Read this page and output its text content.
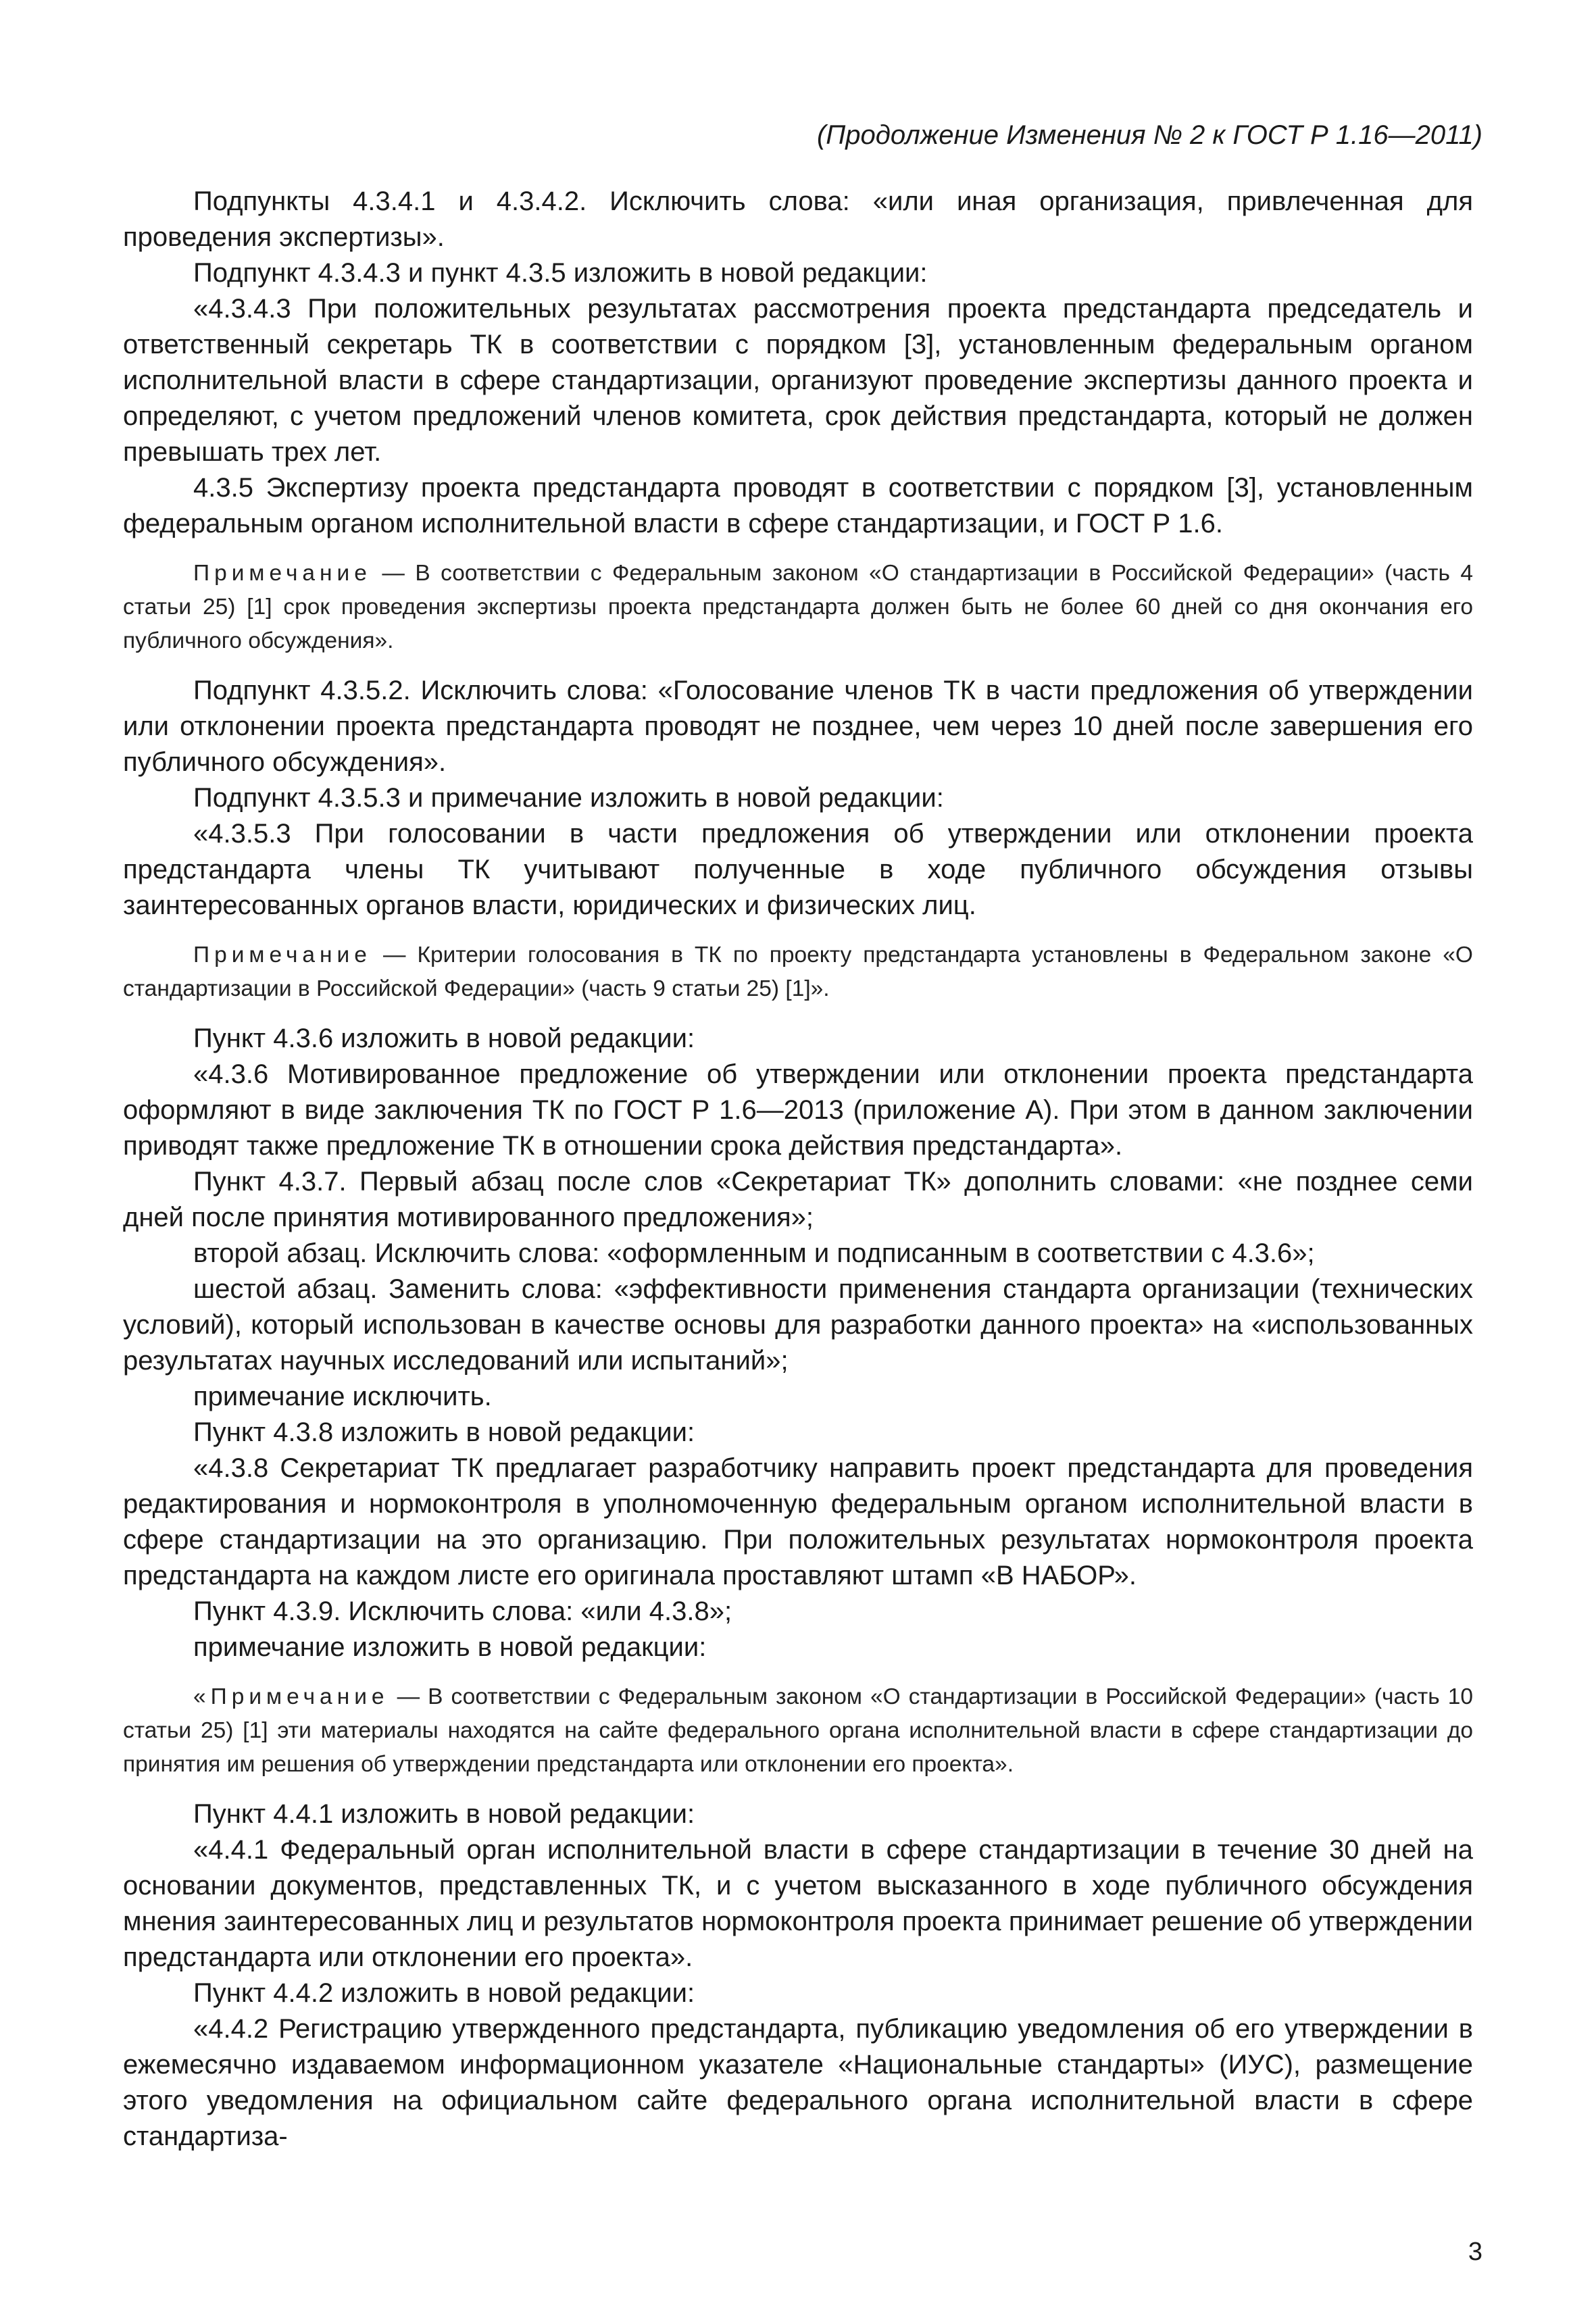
(Продолжение Изменения № 2 к ГОСТ Р 1.16—2011)

Подпункты 4.3.4.1 и 4.3.4.2. Исключить слова: «или иная организация, привлеченная для проведения экспертизы».

Подпункт 4.3.4.3 и пункт 4.3.5 изложить в новой редакции:

«4.3.4.3 При положительных результатах рассмотрения проекта предстандарта председатель и ответственный секретарь ТК в соответствии с порядком [3], установленным федеральным органом исполнительной власти в сфере стандартизации, организуют проведение экспертизы данного проекта и определяют, с учетом предложений членов комитета, срок действия предстандарта, который не должен превышать трех лет.

4.3.5 Экспертизу проекта предстандарта проводят в соответствии с порядком [3], установленным федеральным органом исполнительной власти в сфере стандартизации, и ГОСТ Р 1.6.

Примечание — В соответствии с Федеральным законом «О стандартизации в Российской Федерации» (часть 4 статьи 25) [1] срок проведения экспертизы проекта предстандарта должен быть не более 60 дней со дня окончания его публичного обсуждения».

Подпункт 4.3.5.2. Исключить слова: «Голосование членов ТК в части предложения об утверждении или отклонении проекта предстандарта проводят не позднее, чем через 10 дней после завершения его публичного обсуждения».

Подпункт 4.3.5.3 и примечание изложить в новой редакции:

«4.3.5.3 При голосовании в части предложения об утверждении или отклонении проекта предстандарта члены ТК учитывают полученные в ходе публичного обсуждения отзывы заинтересованных органов власти, юридических и физических лиц.

Примечание — Критерии голосования в ТК по проекту предстандарта установлены в Федеральном законе «О стандартизации в Российской Федерации» (часть 9 статьи 25) [1]».

Пункт 4.3.6 изложить в новой редакции:

«4.3.6 Мотивированное предложение об утверждении или отклонении проекта предстандарта оформляют в виде заключения ТК по ГОСТ Р 1.6—2013 (приложение А). При этом в данном заключении приводят также предложение ТК в отношении срока действия предстандарта».

Пункт 4.3.7. Первый абзац после слов «Секретариат ТК» дополнить словами: «не позднее семи дней после принятия мотивированного предложения»;

второй абзац. Исключить слова: «оформленным и подписанным в соответствии с 4.3.6»;

шестой абзац. Заменить слова: «эффективности применения стандарта организации (технических условий), который использован в качестве основы для разработки данного проекта» на «использованных результатах научных исследований или испытаний»;

примечание исключить.

Пункт 4.3.8 изложить в новой редакции:

«4.3.8 Секретариат ТК предлагает разработчику направить проект предстандарта для проведения редактирования и нормоконтроля в уполномоченную федеральным органом исполнительной власти в сфере стандартизации на это организацию. При положительных результатах нормоконтроля проекта предстандарта на каждом листе его оригинала проставляют штамп «В НАБОР».

Пункт 4.3.9. Исключить слова: «или 4.3.8»;

примечание изложить в новой редакции:

«Примечание — В соответствии с Федеральным законом «О стандартизации в Российской Федерации» (часть 10 статьи 25) [1] эти материалы находятся на сайте федерального органа исполнительной власти в сфере стандартизации до принятия им решения об утверждении предстандарта или отклонении его проекта».

Пункт 4.4.1 изложить в новой редакции:

«4.4.1 Федеральный орган исполнительной власти в сфере стандартизации в течение 30 дней на основании документов, представленных ТК, и с учетом высказанного в ходе публичного обсуждения мнения заинтересованных лиц и результатов нормоконтроля проекта принимает решение об утверждении предстандарта или отклонении его проекта».

Пункт 4.4.2 изложить в новой редакции:

«4.4.2 Регистрацию утвержденного предстандарта, публикацию уведомления об его утверждении в ежемесячно издаваемом информационном указателе «Национальные стандарты» (ИУС), размещение этого уведомления на официальном сайте федерального органа исполнительной власти в сфере стандартиза-

3
